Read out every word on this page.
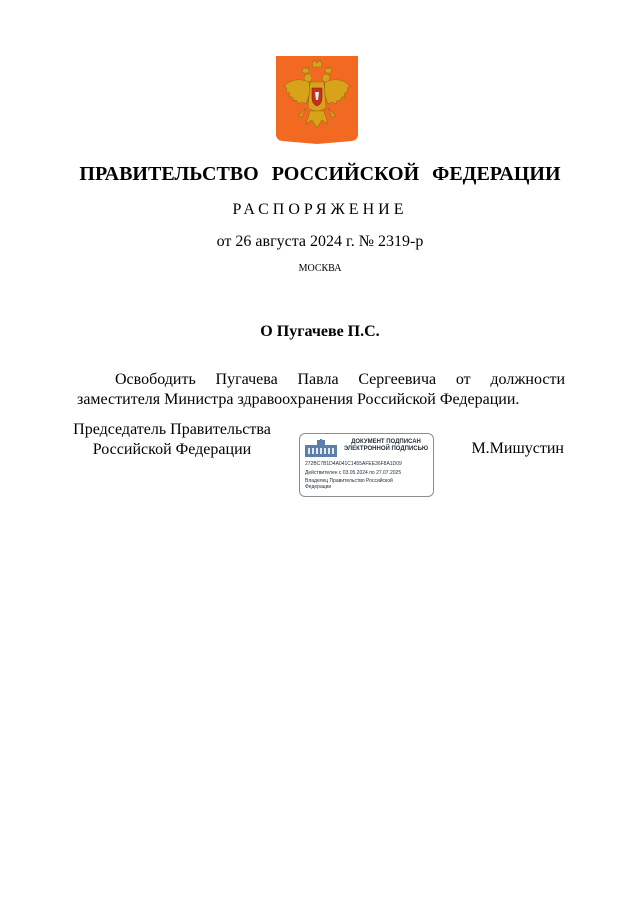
ПРАВИТЕЛЬСТВО РОССИЙСКОЙ ФЕДЕРАЦИИ
РАСПОРЯЖЕНИЕ
от 26 августа 2024 г. № 2319-р
МОСКВА
О Пугачеве П.С.

Освободить Пугачева Павла Сергеевича от должности заместителя Министра здравоохранения Российской Федерации.

Председатель Правительства
Российской Федерации	ДОКУМЕНТ ПОДПИСАН
ЭЛЕКТРОННОЙ ПОДПИСЬЮ
272BC7B1D4A041C1455AFEE36F8A1D09
Действителен с 03.05.2024 по 27.07.2025
Владелец Правительство Российской
Федерации
М.Мишустин
